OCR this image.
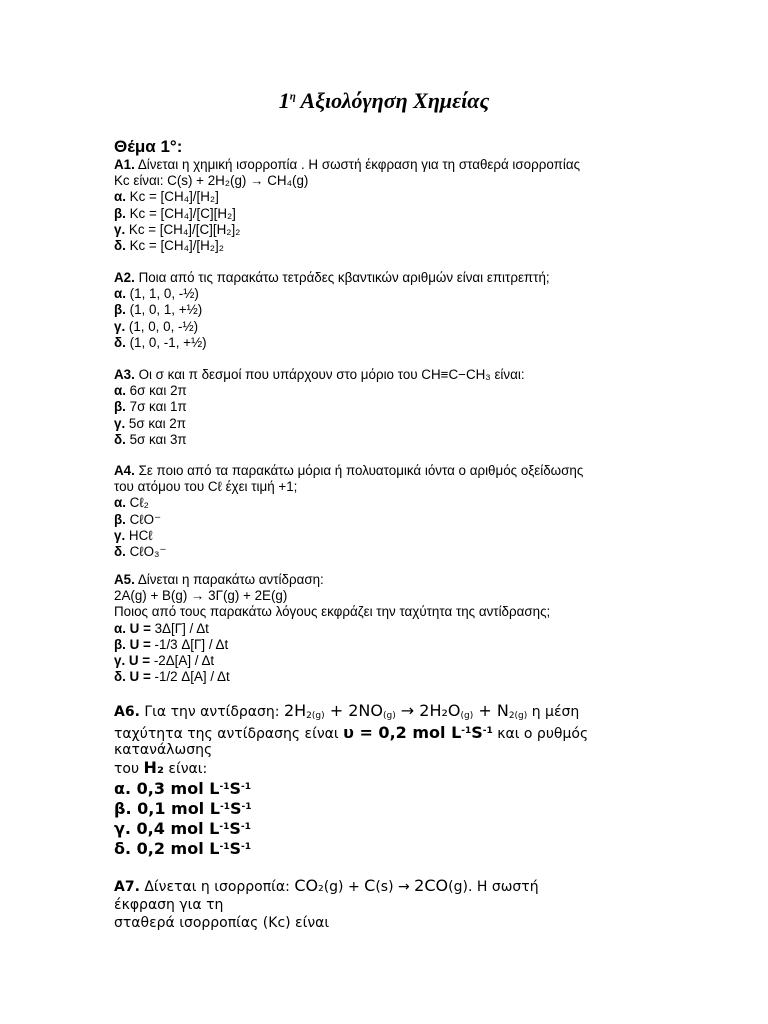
$1^\eta$ Αξιολόγηση Χημείας
Θέμα 1°:
Α1. Δίνεται η χημική ισορροπία . Η σωστή έκφραση για τη σταθερά ισορροπίας
Kc είναι: C(s) + 2H₂(g) → CH₄(g)
α. Kc = [CH₄]/[H₂]
β. Kc = [CH₄]/[C][H₂]
γ. Kc = [CH₄]/[C][H₂]₂
δ. Kc = [CH₄]/[H₂]₂
Α2. Ποια από τις παρακάτω τετράδες κβαντικών αριθμών είναι επιτρεπτή;
α. (1, 1, 0, -½)
β. (1, 0, 1, +½)
γ. (1, 0, 0, -½)
δ. (1, 0, -1, +½)
Α3. Οι σ και π δεσμοί που υπάρχουν στο μόριο του CH≡C−CH₃ είναι:
α. 6σ και 2π
β. 7σ και 1π
γ. 5σ και 2π
δ. 5σ και 3π
Α4. Σε ποιο από τα παρακάτω μόρια ή πολυατομικά ιόντα ο αριθμός οξείδωσης
του ατόμου του Cℓ έχει τιμή +1;
α. Cℓ₂
β. CℓO⁻
γ. HCℓ
δ. CℓO₃⁻
Α5. Δίνεται η παρακάτω αντίδραση:
2A(g) + B(g) → 3Γ(g) + 2E(g)
Ποιος από τους παρακάτω λόγους εκφράζει την ταχύτητα της αντίδρασης;
α. U = 3Δ[Γ] / Δt
β. U = -1/3 Δ[Γ] / Δt
γ. U = -2Δ[A] / Δt
δ. U = -1/2 Δ[A] / Δt
Α6. Για την αντίδραση: 2H2(g) + 2NO(g) → 2H₂O(g) + N2(g) η μέση
ταχύτητα της αντίδρασης είναι υ = 0,2 mol $L^{-1}S^{-1}$ και ο ρυθμός
κατανάλωσης
του H₂ είναι:
α. 0,3 mol $L^{-1}S^{-1}$
β. 0,1 mol $L^{-1}S^{-1}$
γ. 0,4 mol $L^{-1}S^{-1}$
δ. 0,2 mol $L^{-1}S^{-1}$
Α7. Δίνεται η ισορροπία: CO₂(g) + C(s) → 2CO(g). Η σωστή
έκφραση για τη
σταθερά ισορροπίας (Kc) είναι
